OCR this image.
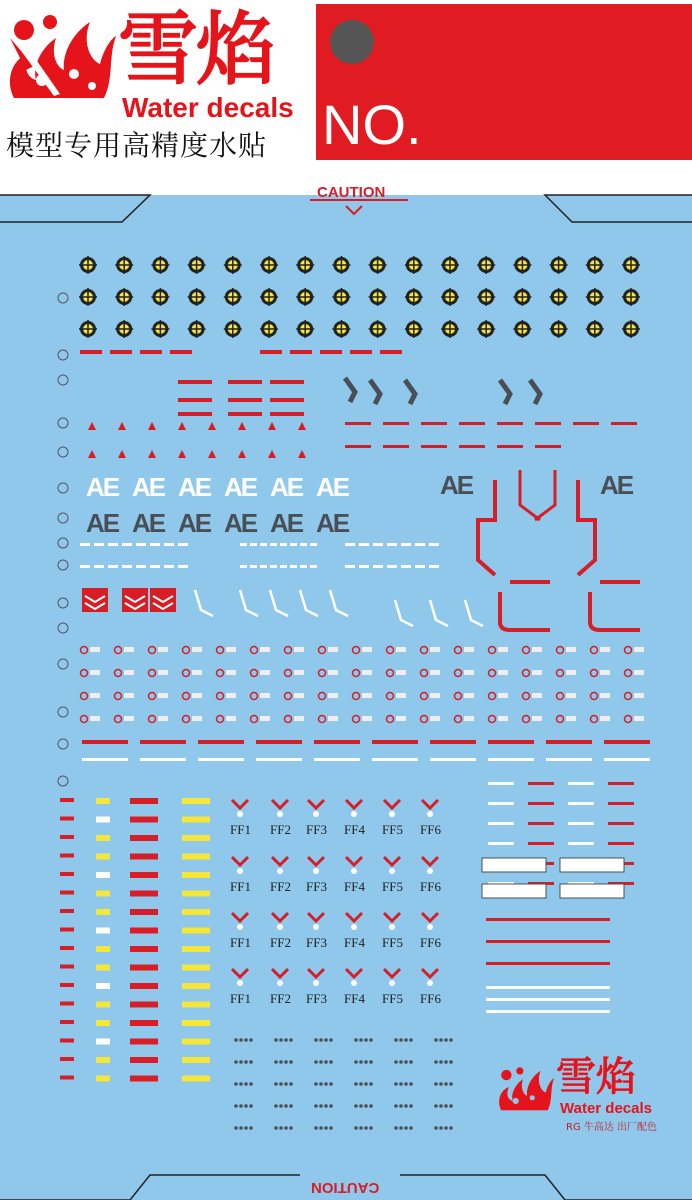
雪焰
Water decals
模型专用高精度水贴 NO.
CAUTION
CAUTION
AE AE AE AE AE AE
AE AE AE AE AE AE
AE	AE
FF1 FF2 FF3 FF4 FF5 FF6
FF1 FF2 FF3 FF4 FF5 FF6
FF1 FF2 FF3 FF4 FF5 FF6
FF1 FF2 FF3 FF4 FF5 FF6
雪焰
Water decals
RG 牛高达 出厂配色
